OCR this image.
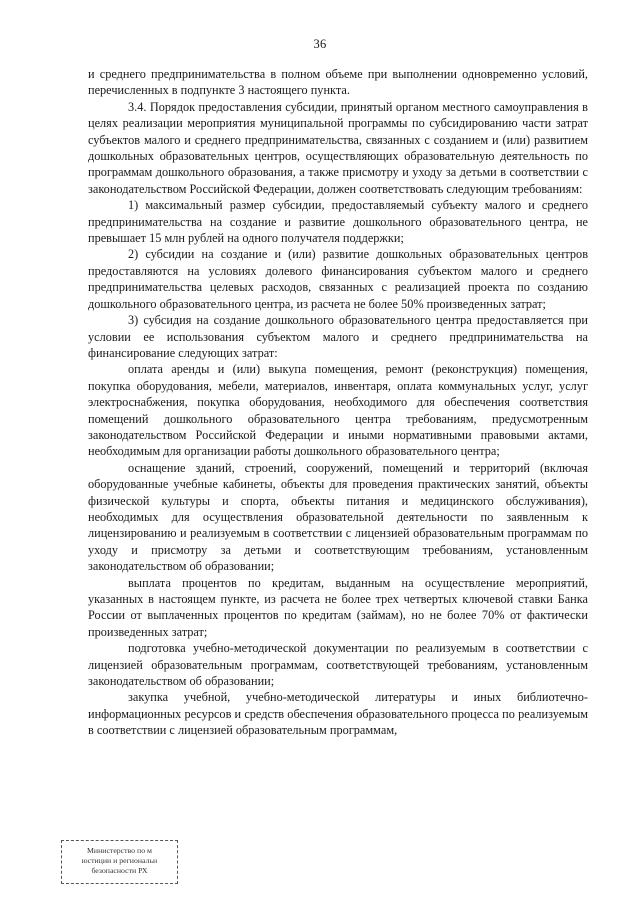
36

и среднего предпринимательства в полном объеме при выполнении одновременно условий, перечисленных в подпункте 3 настоящего пункта.

3.4. Порядок предоставления субсидии, принятый органом местного самоуправления в целях реализации мероприятия муниципальной программы по субсидированию части затрат субъектов малого и среднего предпринимательства, связанных с созданием и (или) развитием дошкольных образовательных центров, осуществляющих образовательную деятельность по программам дошкольного образования, а также присмотру и уходу за детьми в соответствии с законодательством Российской Федерации, должен соответствовать следующим требованиям:

1) максимальный размер субсидии, предоставляемый субъекту малого и среднего предпринимательства на создание и развитие дошкольного образовательного центра, не превышает 15 млн рублей на одного получателя поддержки;

2) субсидии на создание и (или) развитие дошкольных образовательных центров предоставляются на условиях долевого финансирования субъектом малого и среднего предпринимательства целевых расходов, связанных с реализацией проекта по созданию дошкольного образовательного центра, из расчета не более 50% произведенных затрат;

3) субсидия на создание дошкольного образовательного центра предоставляется при условии ее использования субъектом малого и среднего предпринимательства на финансирование следующих затрат:

оплата аренды и (или) выкупа помещения, ремонт (реконструкция) помещения, покупка оборудования, мебели, материалов, инвентаря, оплата коммунальных услуг, услуг электроснабжения, покупка оборудования, необходимого для обеспечения соответствия помещений дошкольного образовательного центра требованиям, предусмотренным законодательством Российской Федерации и иными нормативными правовыми актами, необходимым для организации работы дошкольного образовательного центра;

оснащение зданий, строений, сооружений, помещений и территорий (включая оборудованные учебные кабинеты, объекты для проведения практических занятий, объекты физической культуры и спорта, объекты питания и медицинского обслуживания), необходимых для осуществления образовательной деятельности по заявленным к лицензированию и реализуемым в соответствии с лицензией образовательным программам по уходу и присмотру за детьми и соответствующим требованиям, установленным законодательством об образовании;

выплата процентов по кредитам, выданным на осуществление мероприятий, указанных в настоящем пункте, из расчета не более трех четвертых ключевой ставки Банка России от выплаченных процентов по кредитам (займам), но не более 70% от фактически произведенных затрат;

подготовка учебно-методической документации по реализуемым в соответствии с лицензией образовательным программам, соответствующей требованиям, установленным законодательством об образовании;

закупка учебной, учебно-методической литературы и иных библиотечно-информационных ресурсов и средств обеспечения образовательного процесса по реализуемым в соответствии с лицензией образовательным программам,

Министерство по м
юстиции и региональн
безопасности РХ
